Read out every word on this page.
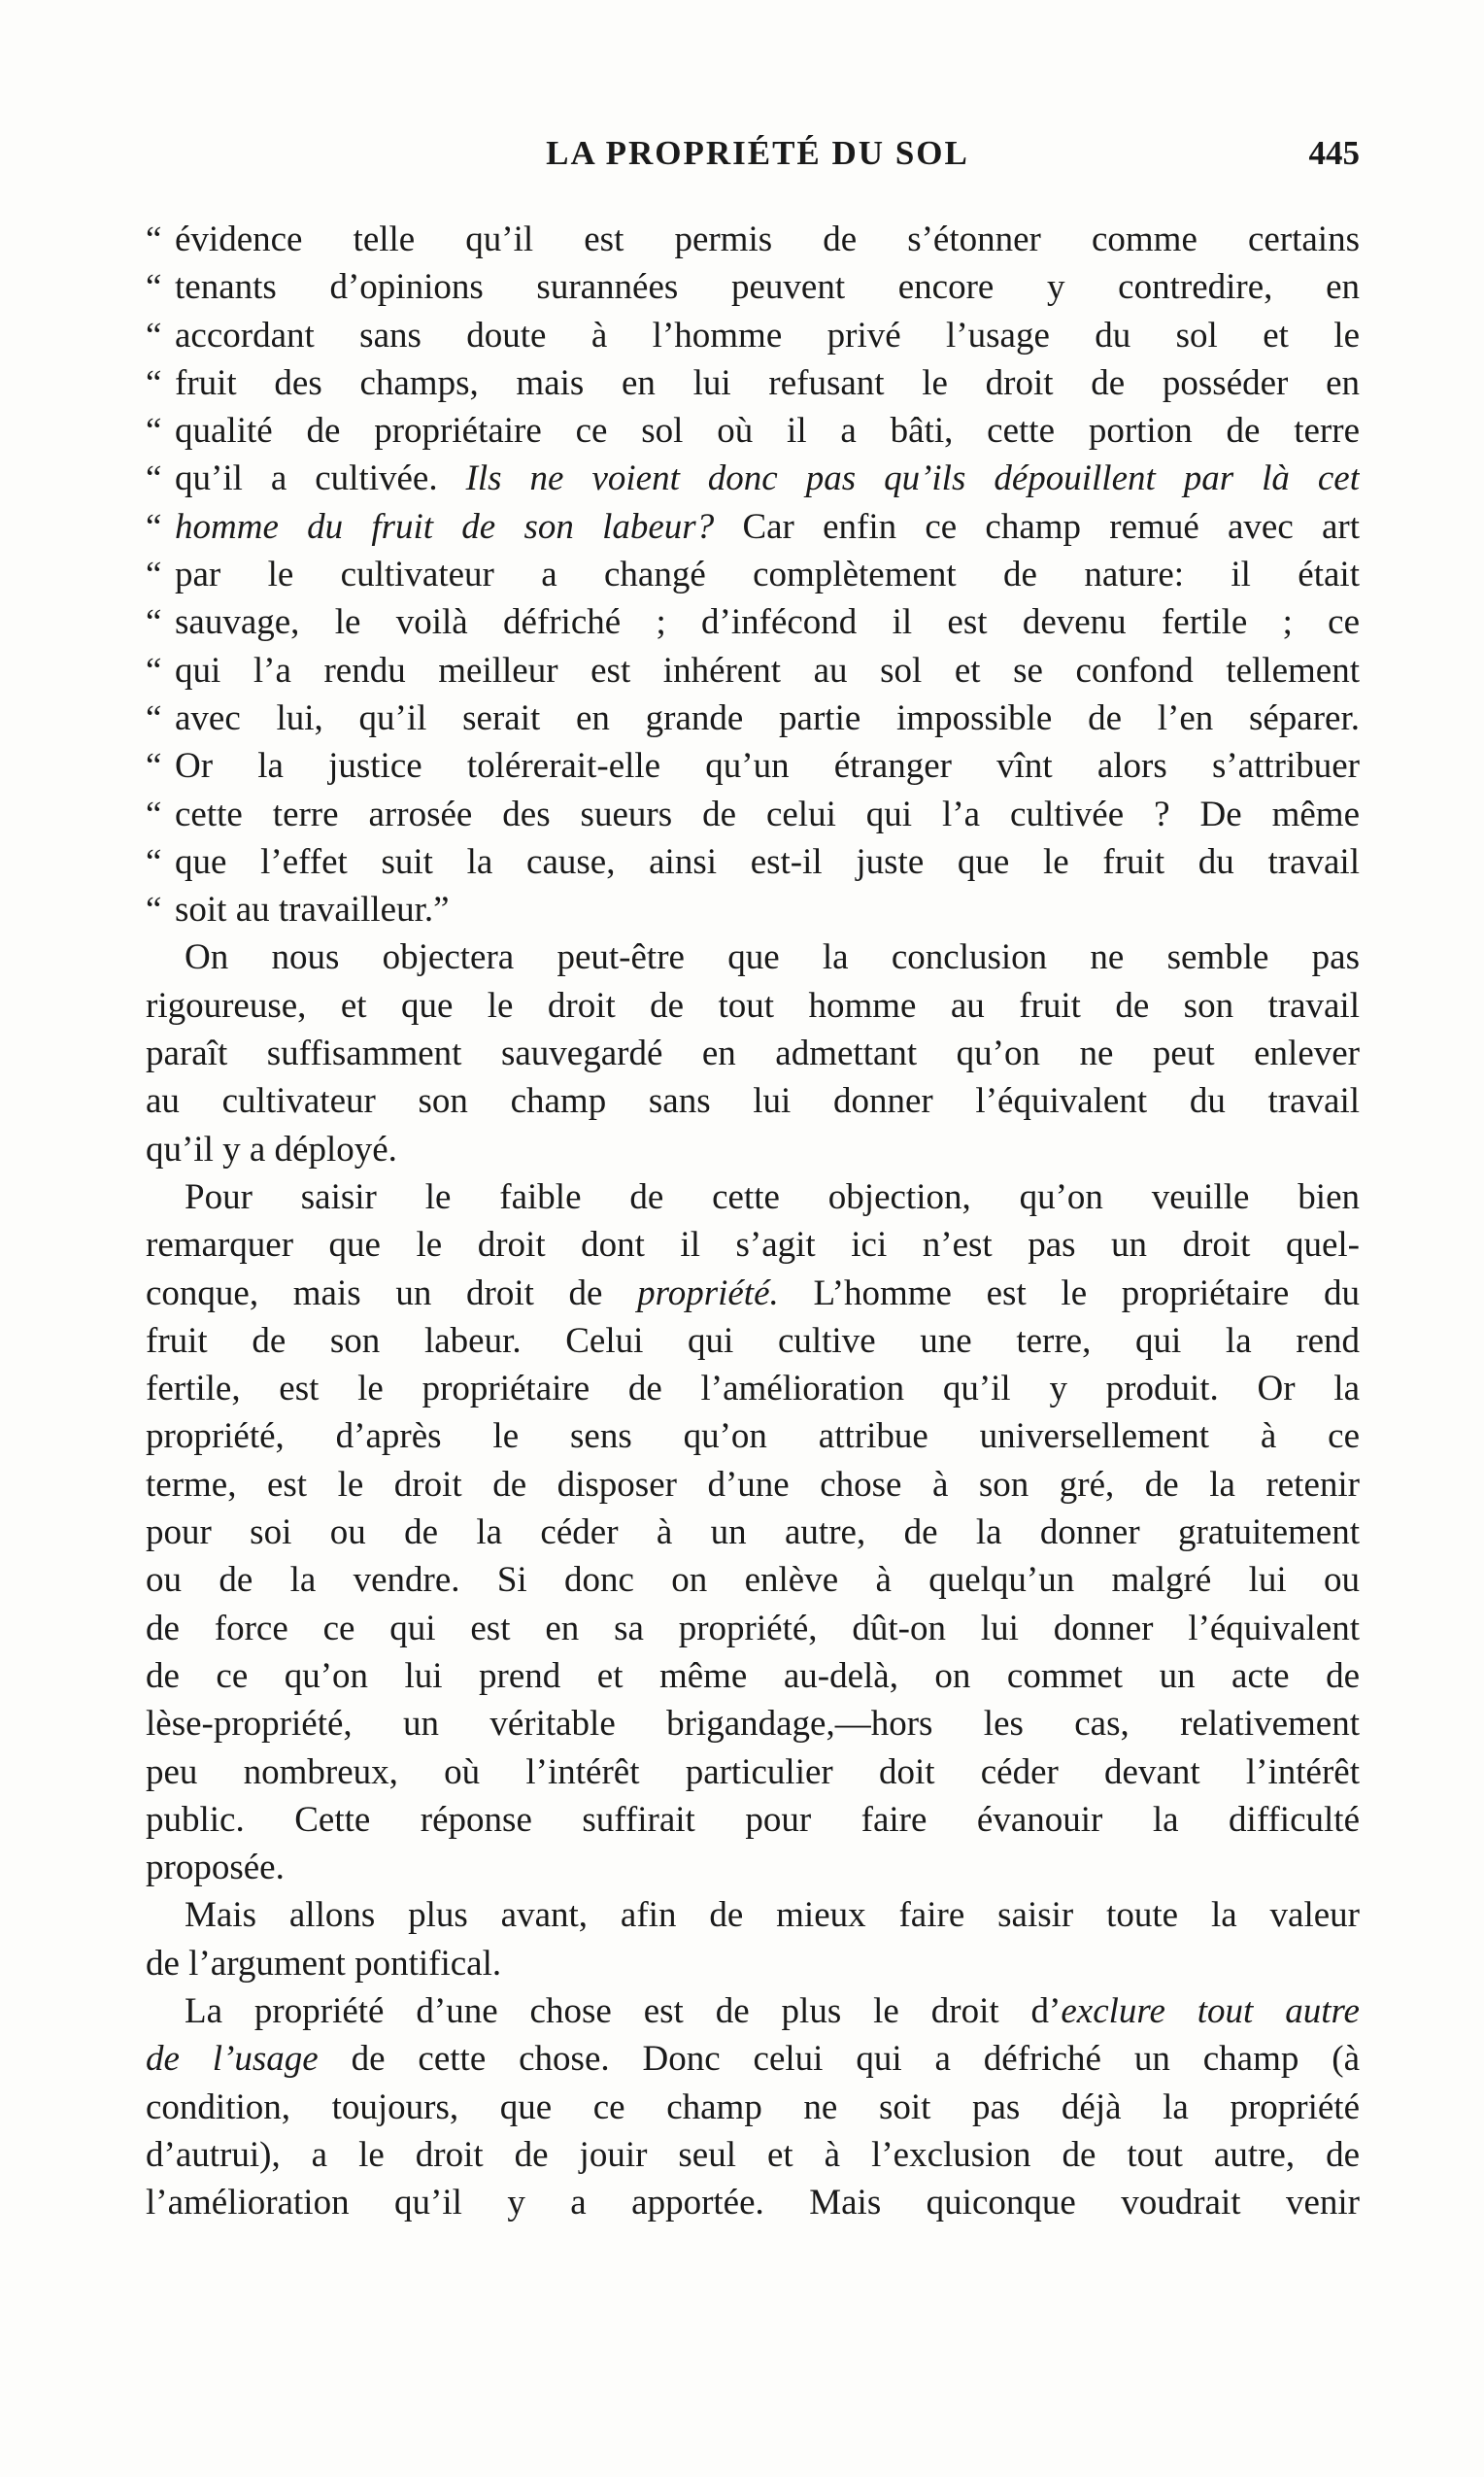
LA PROPRIÉTÉ DU SOL	445
“ évidence telle qu’il est permis de s’étonner comme certains
“ tenants d’opinions surannées peuvent encore y contredire, en
“ accordant sans doute à l’homme privé l’usage du sol et le
“ fruit des champs, mais en lui refusant le droit de posséder en
“ qualité de propriétaire ce sol où il a bâti, cette portion de terre
“ qu’il a cultivée. Ils ne voient donc pas qu’ils dépouillent par là cet
“ homme du fruit de son labeur? Car enfin ce champ remué avec art
“ par le cultivateur a changé complètement de nature: il était
“ sauvage, le voilà défriché ; d’infécond il est devenu fertile ; ce
“ qui l’a rendu meilleur est inhérent au sol et se confond tellement
“ avec lui, qu’il serait en grande partie impossible de l’en séparer.
“ Or la justice tolérerait-elle qu’un étranger vînt alors s’attribuer
“ cette terre arrosée des sueurs de celui qui l’a cultivée ? De même
“ que l’effet suit la cause, ainsi est-il juste que le fruit du travail
“ soit au travailleur.”
On nous objectera peut-être que la conclusion ne semble pas
rigoureuse, et que le droit de tout homme au fruit de son travail
paraît suffisamment sauvegardé en admettant qu’on ne peut enlever
au cultivateur son champ sans lui donner l’équivalent du travail
qu’il y a déployé.
Pour saisir le faible de cette objection, qu’on veuille bien
remarquer que le droit dont il s’agit ici n’est pas un droit quel-
conque, mais un droit de propriété. L’homme est le propriétaire du
fruit de son labeur. Celui qui cultive une terre, qui la rend
fertile, est le propriétaire de l’amélioration qu’il y produit. Or la
propriété, d’après le sens qu’on attribue universellement à ce
terme, est le droit de disposer d’une chose à son gré, de la retenir
pour soi ou de la céder à un autre, de la donner gratuitement
ou de la vendre. Si donc on enlève à quelqu’un malgré lui ou
de force ce qui est en sa propriété, dût-on lui donner l’équivalent
de ce qu’on lui prend et même au-delà, on commet un acte de
lèse-propriété, un véritable brigandage,—hors les cas, relativement
peu nombreux, où l’intérêt particulier doit céder devant l’intérêt
public. Cette réponse suffirait pour faire évanouir la difficulté
proposée.
Mais allons plus avant, afin de mieux faire saisir toute la valeur
de l’argument pontifical.
La propriété d’une chose est de plus le droit d’exclure tout autre
de l’usage de cette chose. Donc celui qui a défriché un champ (à
condition, toujours, que ce champ ne soit pas déjà la propriété
d’autrui), a le droit de jouir seul et à l’exclusion de tout autre, de
l’amélioration qu’il y a apportée. Mais quiconque voudrait venir
